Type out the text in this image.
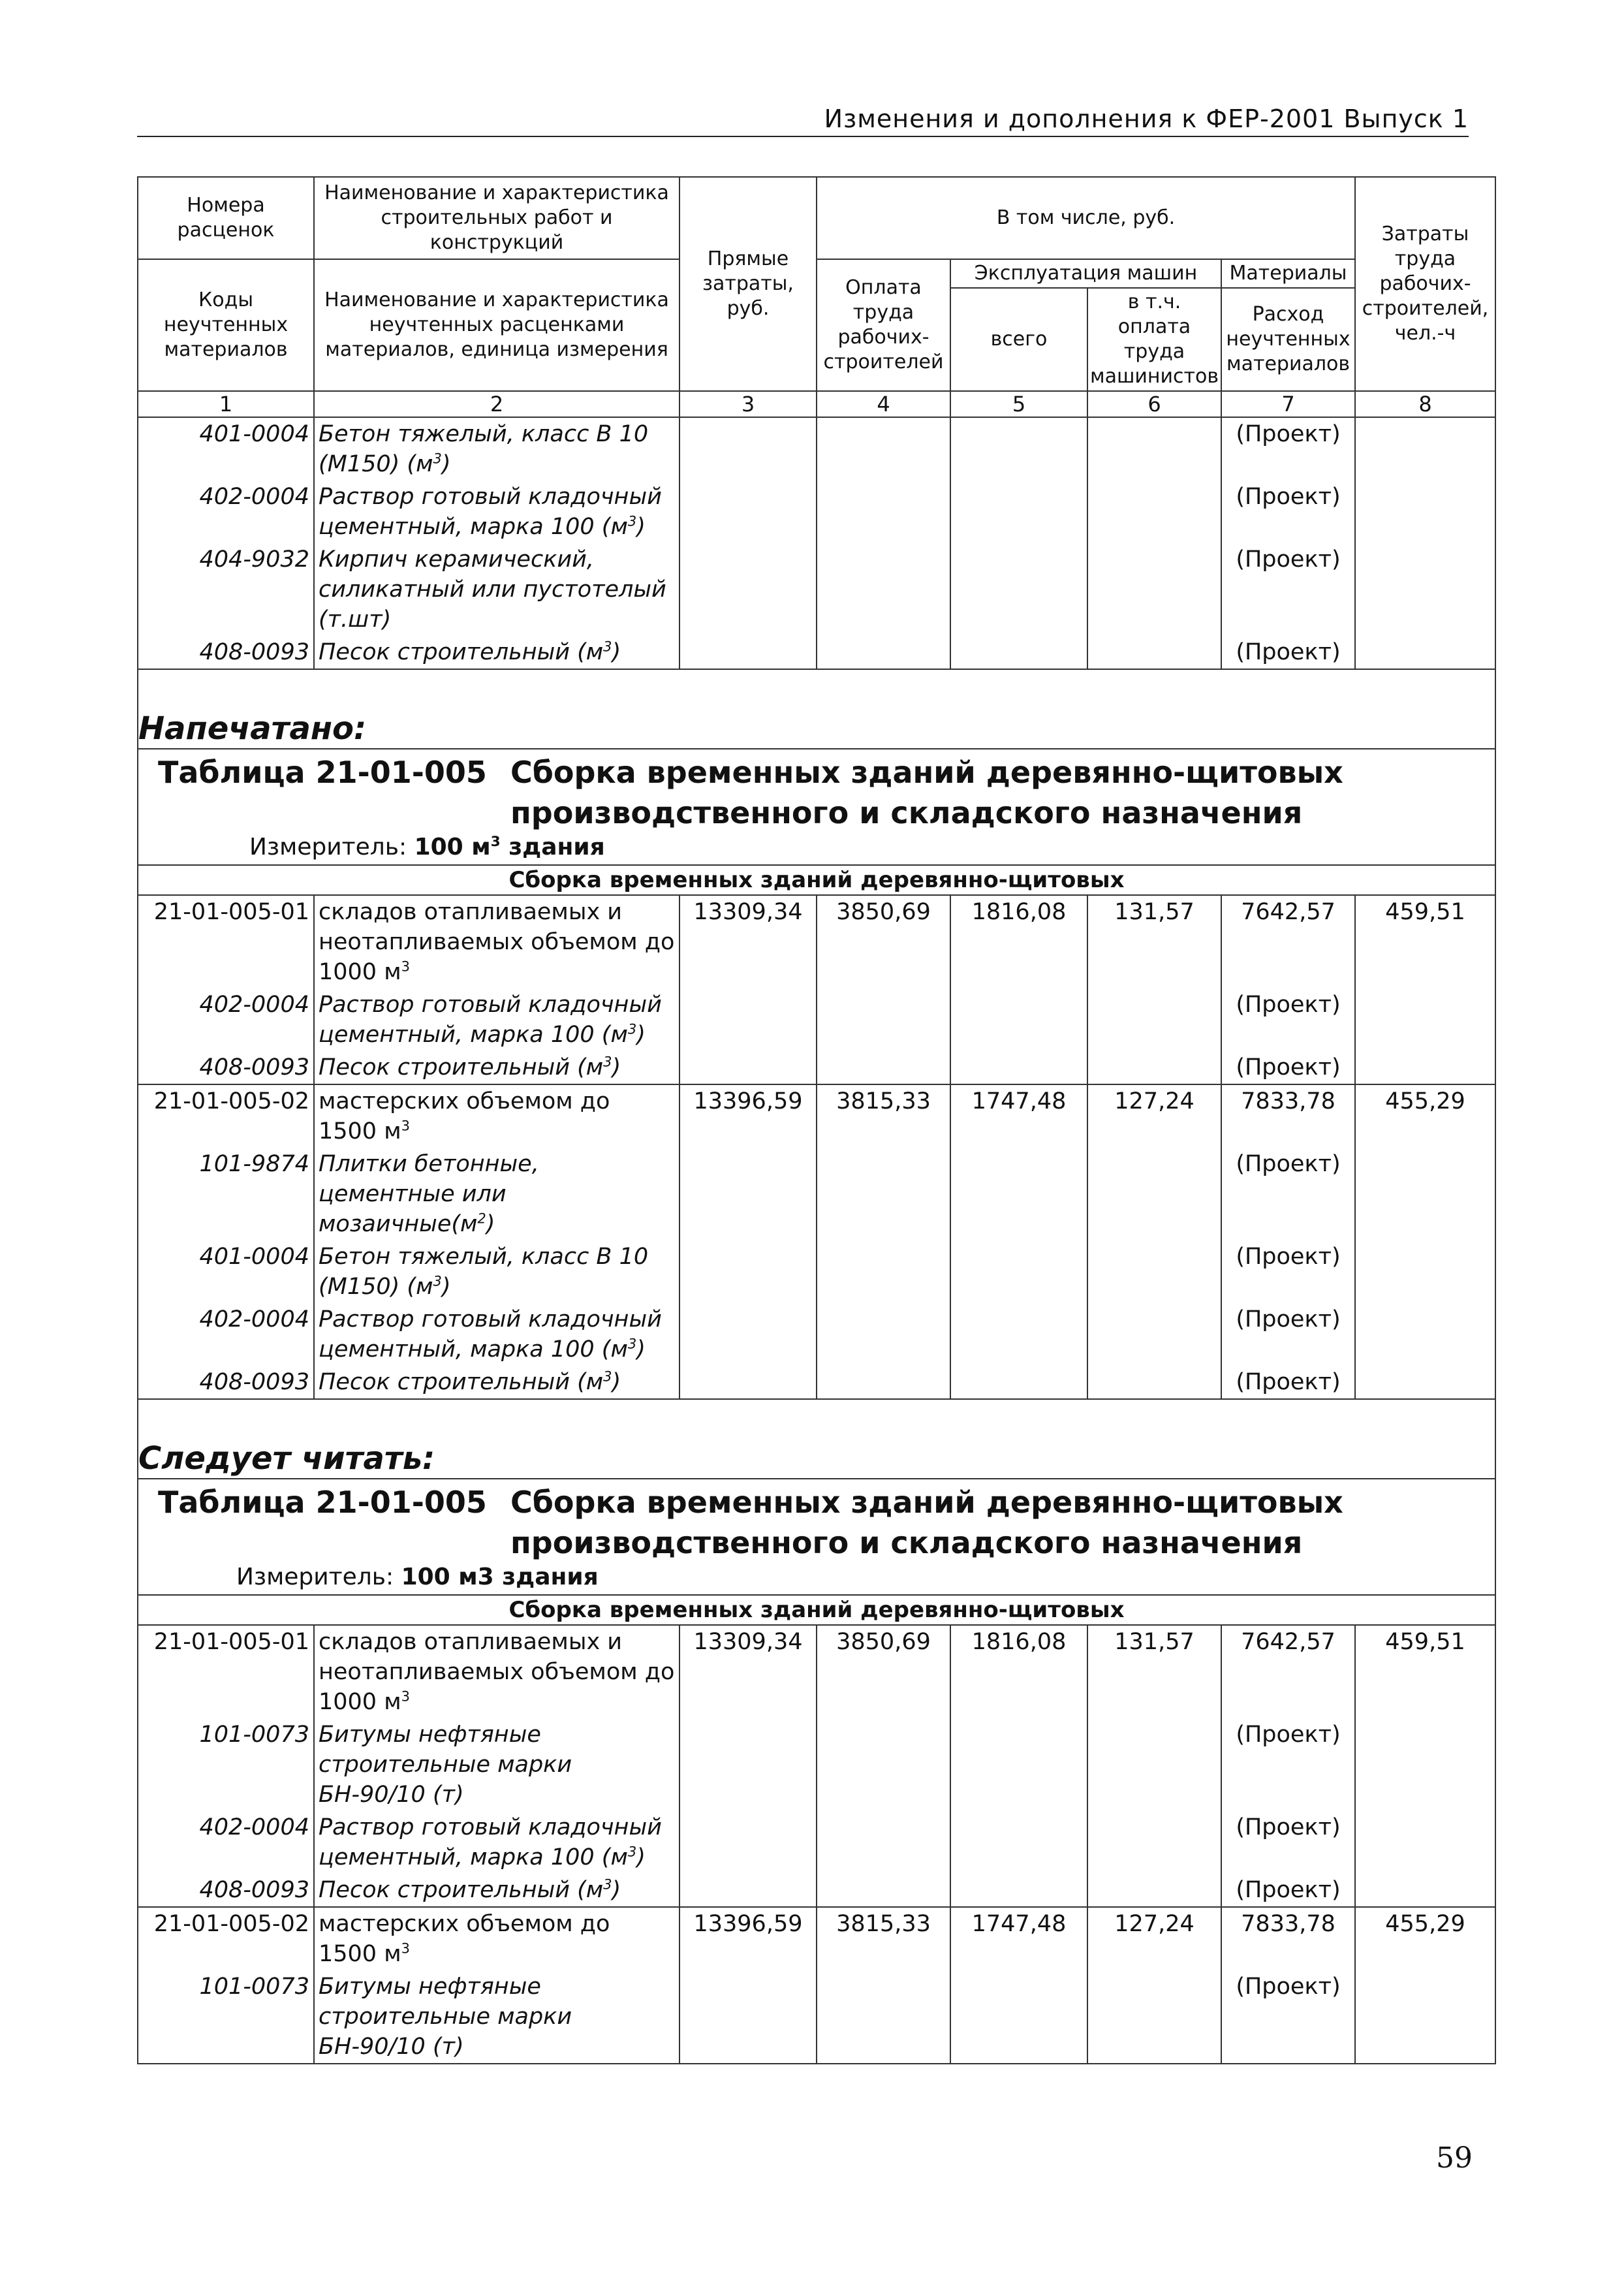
Изменения и дополнения к ФЕР-2001 Выпуск 1
Номера расценок	Наименование и характеристика строительных работ и конструкций	Прямые затраты, руб.	В том числе, руб.				Затраты труда рабочих-строителей, чел.-ч
Коды неучтенных материалов	Наименование и характеристика неучтенных расценками материалов, единица измерения		Оплата труда рабочих-строителей	Эксплуатация машин		Материалы	
				всего	в т.ч. оплата труда машинистов	Расход неучтенных материалов	
1	2	3	4	5	6	7	8
401-0004	Бетон тяжелый, класс В 10 (М150) $(м^3)$					(Проект)	
402-0004	Раствор готовый кладочный цементный, марка 100 $(м^3)$					(Проект)	
404-9032	Кирпич керамический, силикатный или пустотелый (т.шт)					(Проект)	
408-0093	Песок строительный $(м^3)$					(Проект)	

Напечатано:							

Таблица 21-01-005 Сборка временных зданий деревянно-щитовых производственного и складского назначения
Измеритель: 100 $м^3$ здания							

Сборка временных зданий деревянно-щитовых							
21-01-005-01	складов отапливаемых и неотапливаемых объемом до 1000 $м^3$	13309,34	3850,69	1816,08	131,57	7642,57	459,51
402-0004	Раствор готовый кладочный цементный, марка 100 $(м^3)$					(Проект)	
408-0093	Песок строительный $(м^3)$					(Проект)	
21-01-005-02	мастерских объемом до 1500 $м^3$	13396,59	3815,33	1747,48	127,24	7833,78	455,29
101-9874	Плитки бетонные, цементные или $мозаичные(м^2)$					(Проект)	
401-0004	Бетон тяжелый, класс В 10 (М150) $(м^3)$					(Проект)	
402-0004	Раствор готовый кладочный цементный, марка 100 $(м^3)$					(Проект)	
408-0093	Песок строительный $(м^3)$					(Проект)	

Следует читать:							

Таблица 21-01-005 Сборка временных зданий деревянно-щитовых производственного и складского назначения
Измеритель: 100 м3 здания							

Сборка временных зданий деревянно-щитовых							
21-01-005-01	складов отапливаемых и неотапливаемых объемом до 1000 $м^3$	13309,34	3850,69	1816,08	131,57	7642,57	459,51
101-0073	Битумы нефтяные строительные марки БН-90/10 (т)					(Проект)	
402-0004	Раствор готовый кладочный цементный, марка 100 $(м^3)$					(Проект)	
408-0093	Песок строительный $(м^3)$					(Проект)	
21-01-005-02	мастерских объемом до 1500 $м^3$	13396,59	3815,33	1747,48	127,24	7833,78	455,29
101-0073	Битумы нефтяные строительные марки БН-90/10 (т)					(Проект)	
59
